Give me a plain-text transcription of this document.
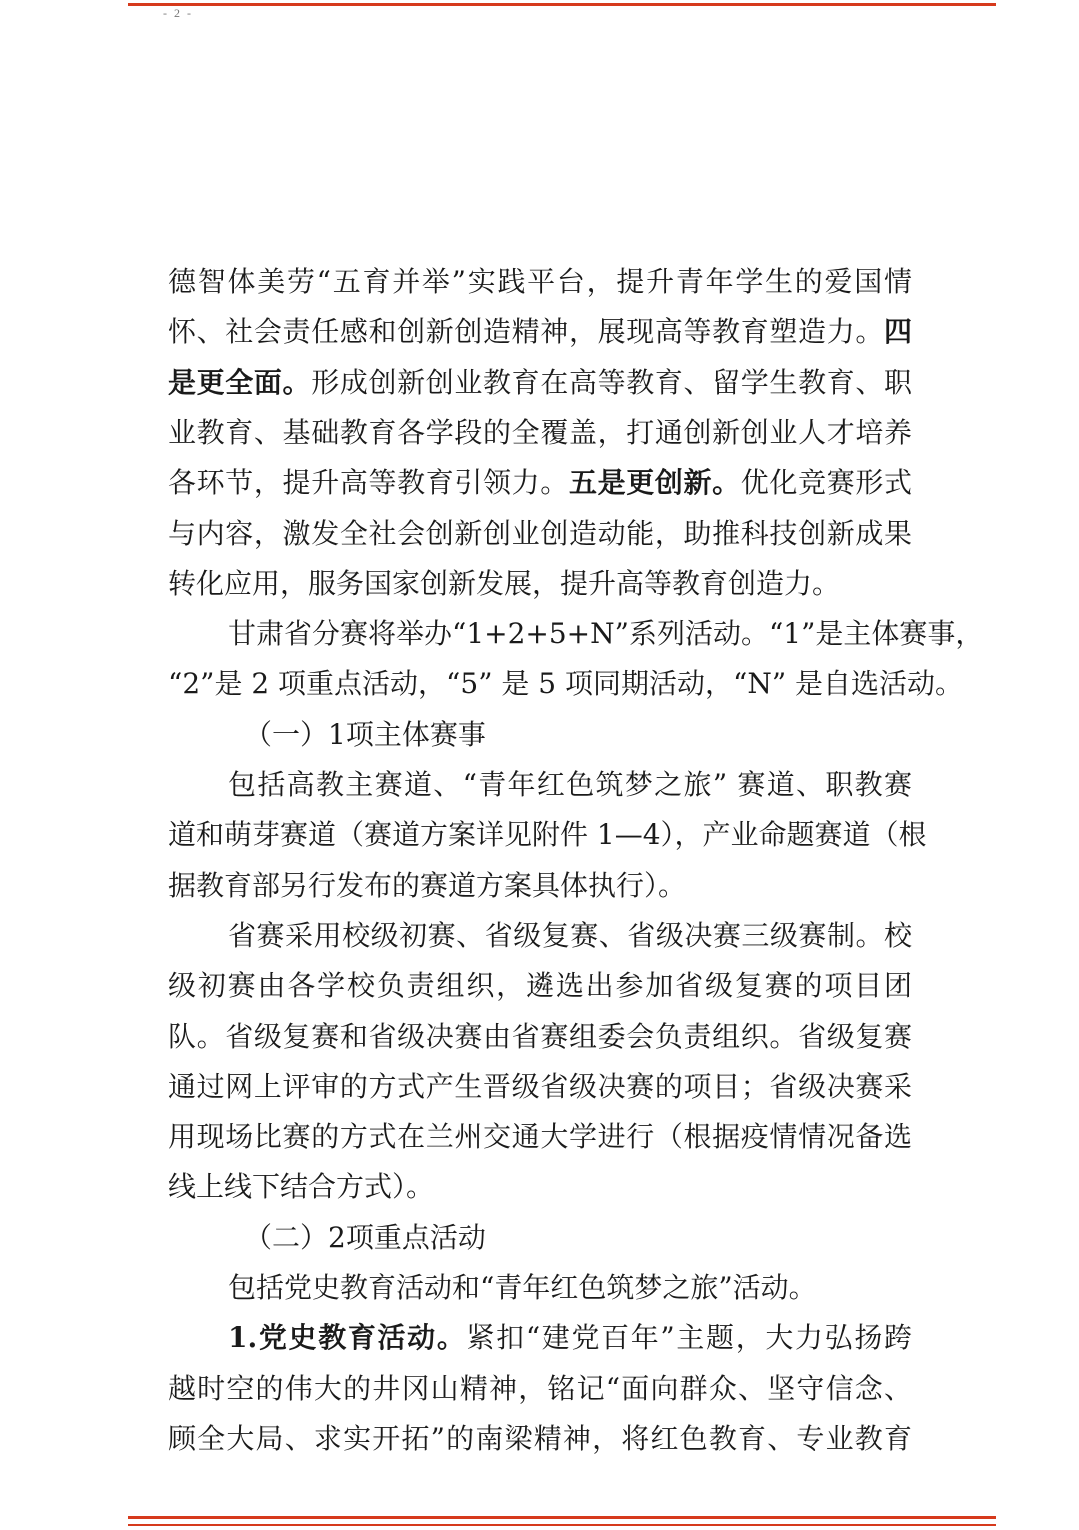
- 2 -
德智体美劳“五育并举”实践平台，提升青年学生的爱国情
怀、社会责任感和创新创造精神，展现高等教育塑造力。四
是更全面。形成创新创业教育在高等教育、留学生教育、职
业教育、基础教育各学段的全覆盖，打通创新创业人才培养
各环节，提升高等教育引领力。五是更创新。优化竞赛形式
与内容，激发全社会创新创业创造动能，助推科技创新成果
转化应用，服务国家创新发展，提升高等教育创造力。
甘肃省分赛将举办“1+2+5+N”系列活动。“1”是主体赛事，
“2”是 2 项重点活动，“5” 是 5 项同期活动，“N” 是自选活动。
（一）1项主体赛事
包括高教主赛道、“青年红色筑梦之旅” 赛道、职教赛
道和萌芽赛道（赛道方案详见附件 1—4），产业命题赛道（根
据教育部另行发布的赛道方案具体执行）。
省赛采用校级初赛、省级复赛、省级决赛三级赛制。校
级初赛由各学校负责组织，遴选出参加省级复赛的项目团
队。省级复赛和省级决赛由省赛组委会负责组织。省级复赛
通过网上评审的方式产生晋级省级决赛的项目；省级决赛采
用现场比赛的方式在兰州交通大学进行（根据疫情情况备选
线上线下结合方式）。
（二）2项重点活动
包括党史教育活动和“青年红色筑梦之旅”活动。
1.党史教育活动。紧扣“建党百年”主题，大力弘扬跨
越时空的伟大的井冈山精神，铭记“面向群众、坚守信念、
顾全大局、求实开拓”的南梁精神，将红色教育、专业教育
